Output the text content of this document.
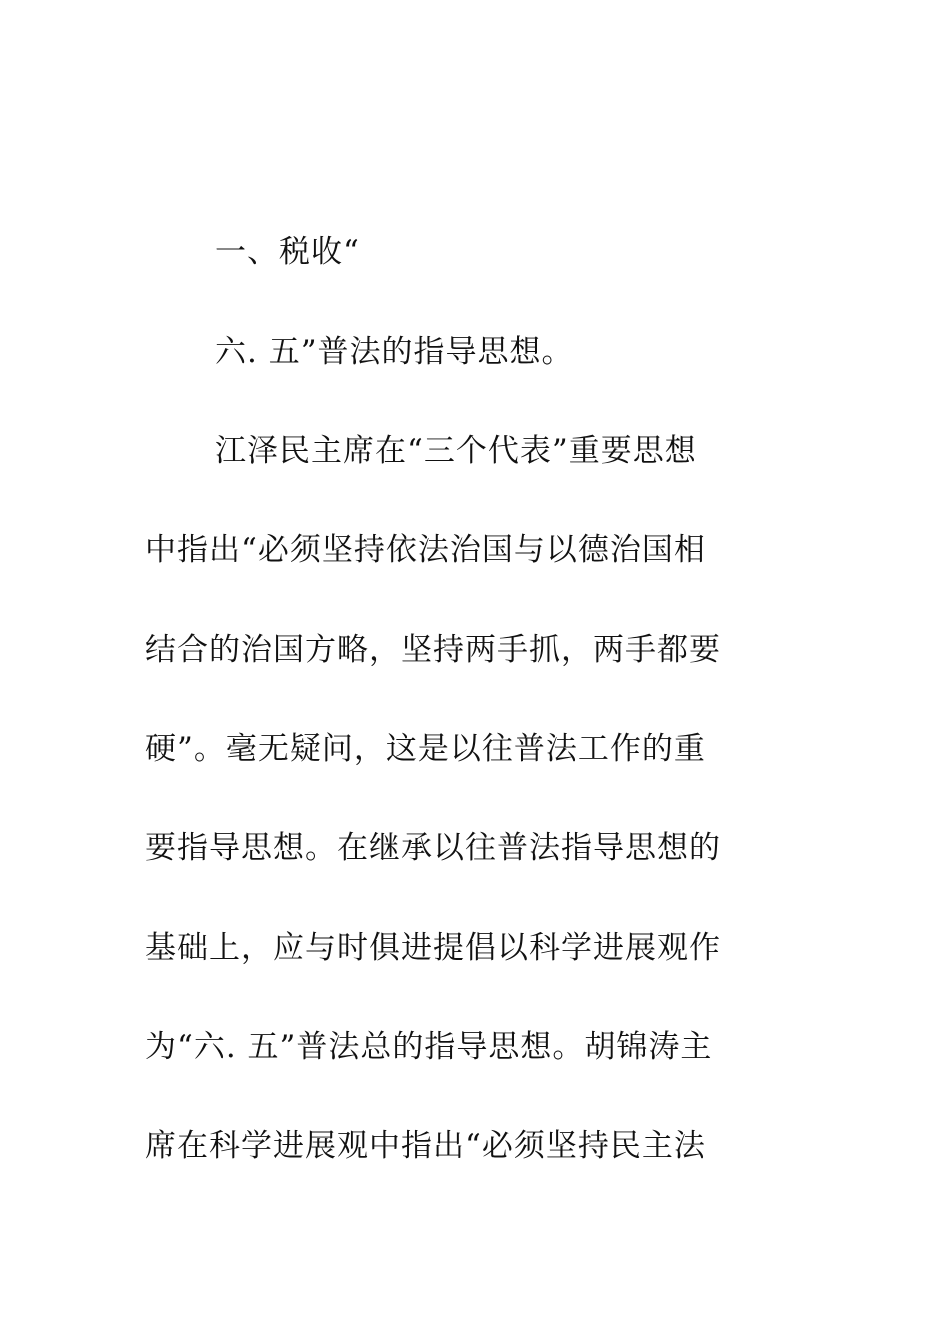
一、税收“
六. 五”普法的指导思想。
江泽民主席在“三个代表”重要思想
中指出“必须坚持依法治国与以德治国相
结合的治国方略，坚持两手抓，两手都要
硬”。毫无疑问，这是以往普法工作的重
要指导思想。在继承以往普法指导思想的
基础上，应与时俱进提倡以科学进展观作
为“六. 五”普法总的指导思想。胡锦涛主
席在科学进展观中指出“必须坚持民主法
